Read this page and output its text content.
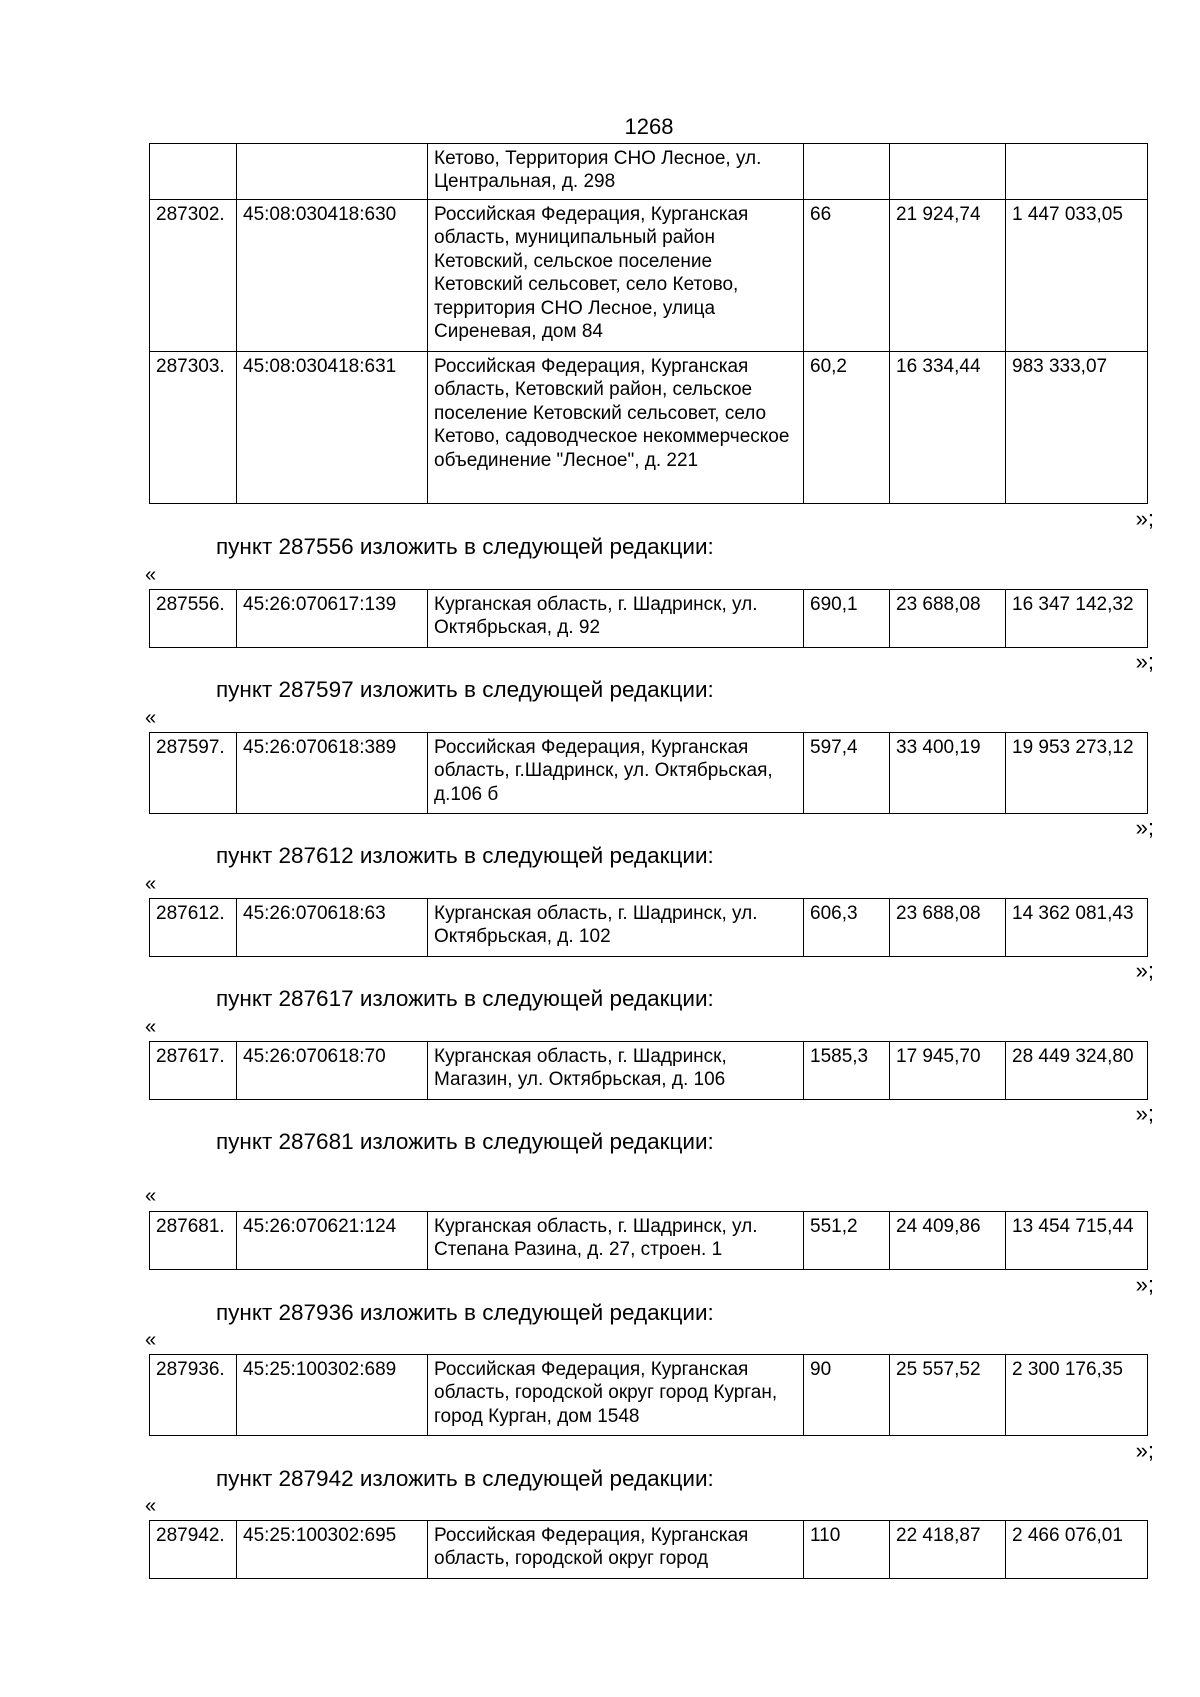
1268
		Кетово, Территория СНО Лесное, ул. Центральная, д. 298			
287302.	45:08:030418:630	Российская Федерация, Курганская область, муниципальный район Кетовский, сельское поселение Кетовский сельсовет, село Кетово, территория СНО Лесное, улица Сиреневая, дом 84	66	21 924,74	1 447 033,05
287303.	45:08:030418:631	Российская Федерация, Курганская область, Кетовский район, сельское поселение Кетовский сельсовет, село Кетово, садоводческое некоммерческое объединение "Лесное", д. 221	60,2	16 334,44	983 333,07
»;
пункт 287556 изложить в следующей редакции:
«
287556.	45:26:070617:139	Курганская область, г. Шадринск, ул. Октябрьская, д. 92	690,1	23 688,08	16 347 142,32
»;
пункт 287597 изложить в следующей редакции:
«
287597.	45:26:070618:389	Российская Федерация, Курганская область, г.Шадринск, ул. Октябрьская, д.106 б	597,4	33 400,19	19 953 273,12
»;
пункт 287612 изложить в следующей редакции:
«
287612.	45:26:070618:63	Курганская область, г. Шадринск, ул. Октябрьская, д. 102	606,3	23 688,08	14 362 081,43
»;
пункт 287617 изложить в следующей редакции:
«
287617.	45:26:070618:70	Курганская область, г. Шадринск, Магазин, ул. Октябрьская, д. 106	1585,3	17 945,70	28 449 324,80
»;
пункт 287681 изложить в следующей редакции:
«
287681.	45:26:070621:124	Курганская область, г. Шадринск, ул. Степана Разина, д. 27, строен. 1	551,2	24 409,86	13 454 715,44
»;
пункт 287936 изложить в следующей редакции:
«
287936.	45:25:100302:689	Российская Федерация, Курганская область, городской округ город Курган, город Курган, дом 1548	90	25 557,52	2 300 176,35
»;
пункт 287942 изложить в следующей редакции:
«
287942.	45:25:100302:695	Российская Федерация, Курганская область, городской округ город	110	22 418,87	2 466 076,01
